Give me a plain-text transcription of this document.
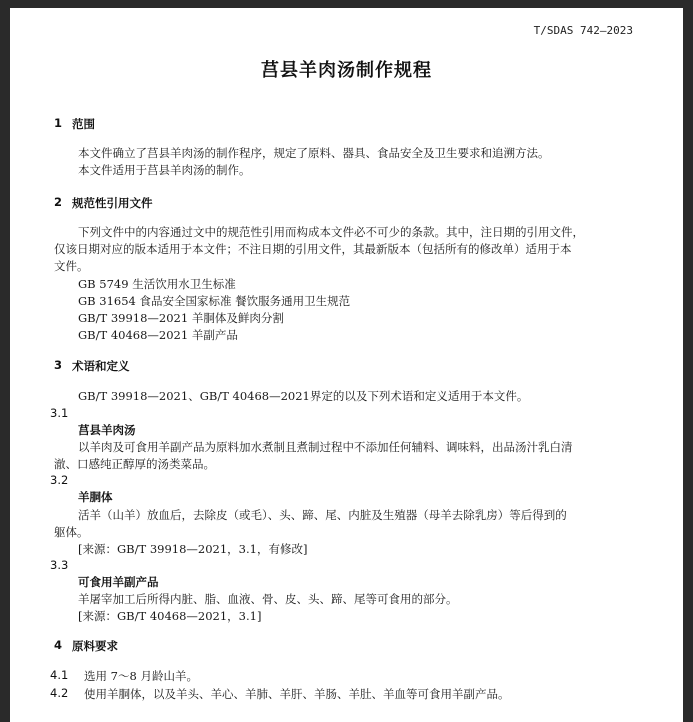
T/SDAS 742—2023
莒县羊肉汤制作规程
1 范围
本文件确立了莒县羊肉汤的制作程序，规定了原料、器具、食品安全及卫生要求和追溯方法。
本文件适用于莒县羊肉汤的制作。
2 规范性引用文件
下列文件中的内容通过文中的规范性引用而构成本文件必不可少的条款。其中，注日期的引用文件，
仅该日期对应的版本适用于本文件；不注日期的引用文件，其最新版本（包括所有的修改单）适用于本
文件。
GB 5749 生活饮用水卫生标准
GB 31654 食品安全国家标准 餐饮服务通用卫生规范
GB/T 39918—2021 羊胴体及鲜肉分割
GB/T 40468—2021 羊副产品
3 术语和定义
GB/T 39918—2021、GB/T 40468—2021界定的以及下列术语和定义适用于本文件。
3.1
莒县羊肉汤
以羊肉及可食用羊副产品为原料加水煮制且煮制过程中不添加任何辅料、调味料，出品汤汁乳白清
澈、口感纯正醇厚的汤类菜品。
3.2
羊胴体
活羊（山羊）放血后，去除皮（或毛）、头、蹄、尾、内脏及生殖器（母羊去除乳房）等后得到的
躯体。
[来源：GB/T 39918—2021，3.1，有修改]
3.3
可食用羊副产品
羊屠宰加工后所得内脏、脂、血液、骨、皮、头、蹄、尾等可食用的部分。
[来源：GB/T 40468—2021，3.1]
4 原料要求
4.1 选用 7～8 月龄山羊。
4.2 使用羊胴体，以及羊头、羊心、羊肺、羊肝、羊肠、羊肚、羊血等可食用羊副产品。
